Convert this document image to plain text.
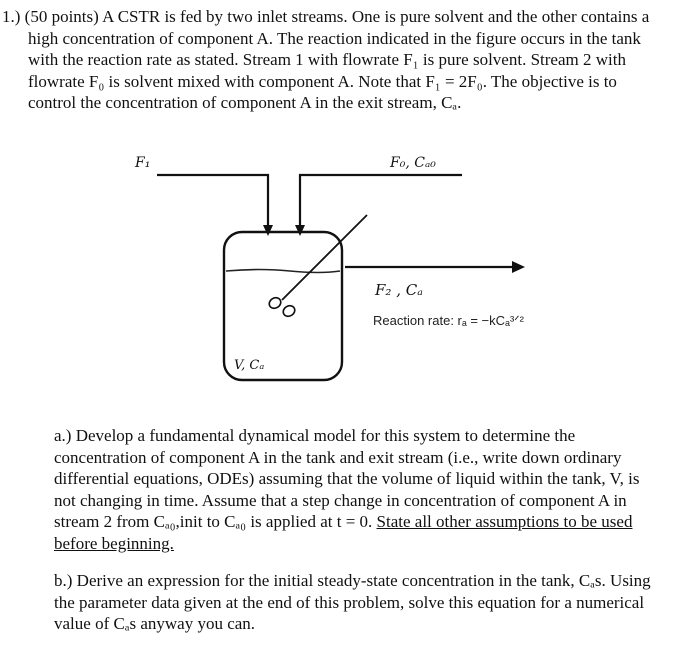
1.) (50 points) A CSTR is fed by two inlet streams. One is pure solvent and the other contains a
high concentration of component A. The reaction indicated in the figure occurs in the tank
with the reaction rate as stated. Stream 1 with flowrate F₁ is pure solvent. Stream 2 with
flowrate F₀ is solvent mixed with component A. Note that F₁ = 2F₀. The objective is to
control the concentration of component A in the exit stream, Cₐ.
F₁	F₀, Cₐ₀
F₂ , Cₐ
Reaction rate: rₐ = −kCₐ³ᐟ²
V, Cₐ
a.) Develop a fundamental dynamical model for this system to determine the
concentration of component A in the tank and exit stream (i.e., write down ordinary
differential equations, ODEs) assuming that the volume of liquid within the tank, V, is
not changing in time. Assume that a step change in concentration of component A in
stream 2 from Cₐ₀,init to Cₐ₀ is applied at t = 0. State all other assumptions to be used
before beginning.
b.) Derive an expression for the initial steady-state concentration in the tank, Cₐs. Using
the parameter data given at the end of this problem, solve this equation for a numerical
value of Cₐs anyway you can.
